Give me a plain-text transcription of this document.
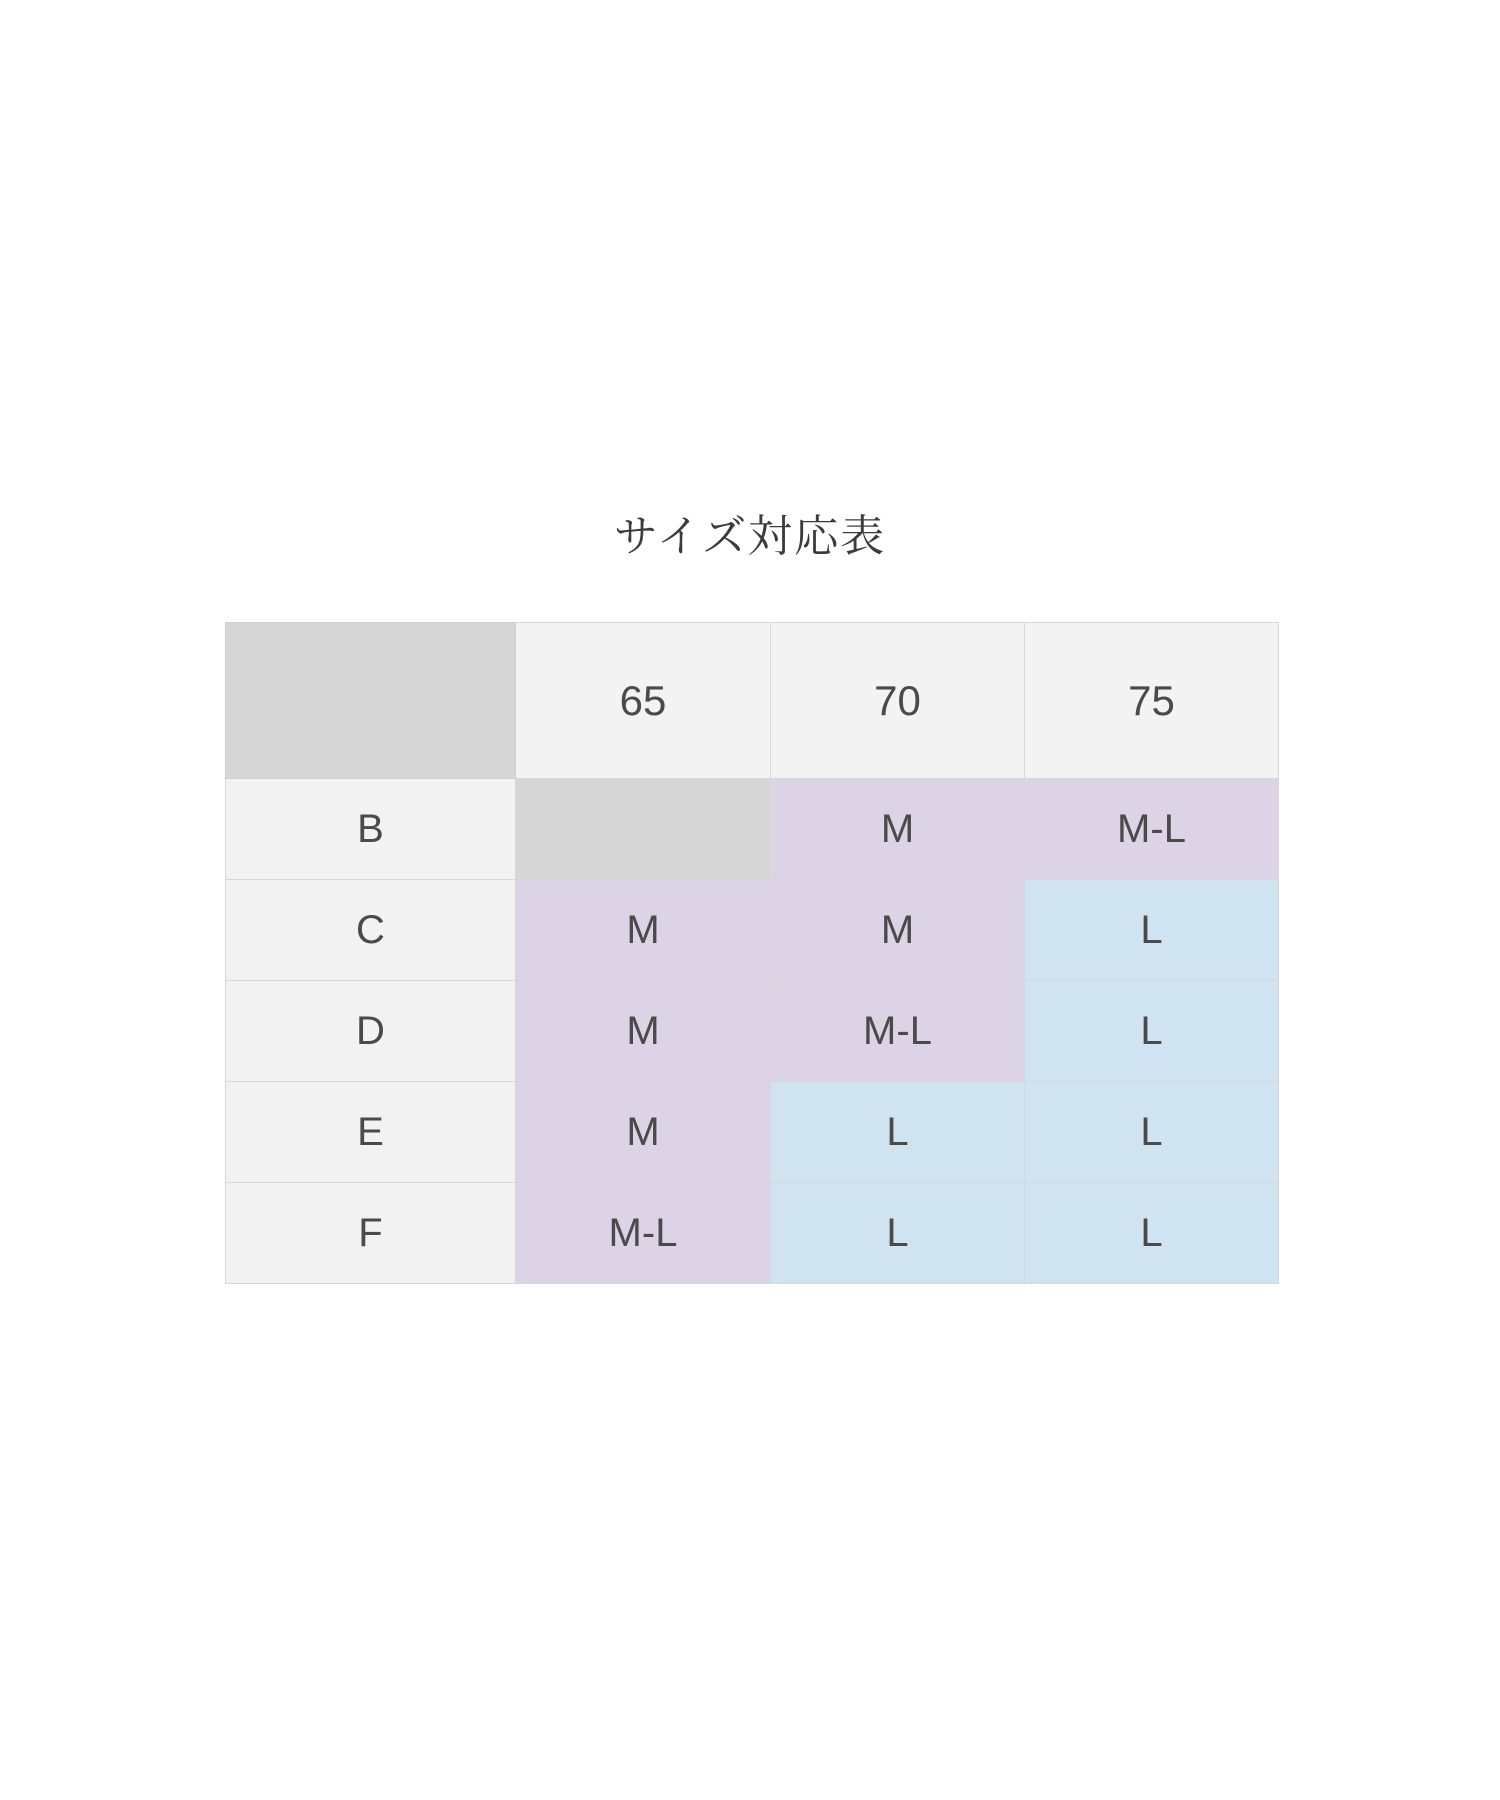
サイズ対応表
	65	70	75
B		M	M-L
C	M	M	L
D	M	M-L	L
E	M	L	L
F	M-L	L	L
